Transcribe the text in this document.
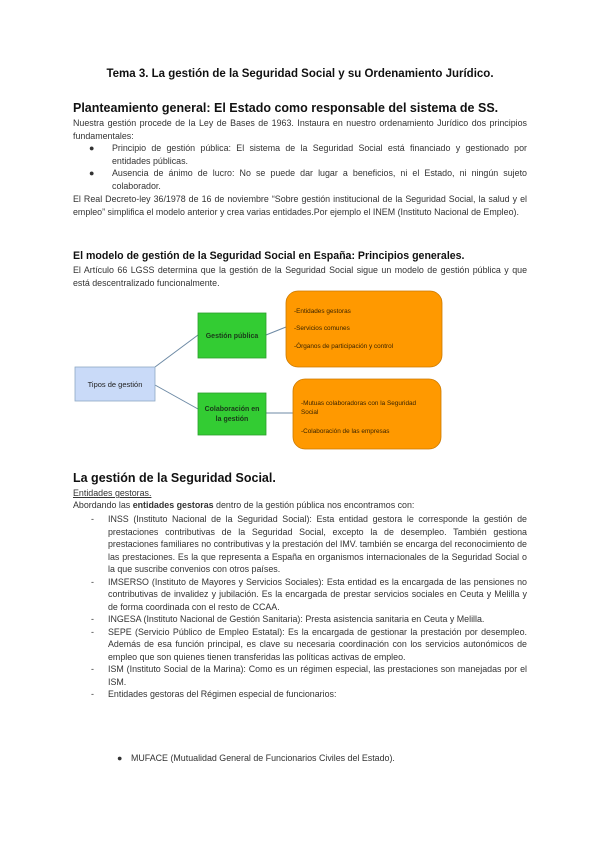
Tema 3. La gestión de la Seguridad Social y su Ordenamiento Jurídico.
Planteamiento general: El Estado como responsable del sistema de SS.
Nuestra gestión procede de la Ley de Bases de 1963. Instaura en nuestro ordenamiento Jurídico dos principios fundamentales:
● Principio de gestión pública: El sistema de la Seguridad Social está financiado y gestionado por entidades públicas.
● Ausencia de ánimo de lucro: No se puede dar lugar a beneficios, ni el Estado, ni ningún sujeto colaborador.
El Real Decreto-ley 36/1978 de 16 de noviembre “Sobre gestión institucional de la Seguridad Social, la salud y el empleo” simplifica el modelo anterior y crea varias entidades.Por ejemplo el INEM (Instituto Nacional de Empleo).
El modelo de gestión de la Seguridad Social en España: Principios generales.
El Artículo 66 LGSS determina que la gestión de la Seguridad Social sigue un modelo de gestión pública y que está descentralizado funcionalmente.
Tipos de gestión
Gestión pública
Colaboración en
la gestión
-Entidades gestoras
-Servicios comunes
-Órganos de participación y control
-Mutuas colaboradoras con la Seguridad
Social
-Colaboración de las empresas
La gestión de la Seguridad Social.
Entidades gestoras.
Abordando las entidades gestoras dentro de la gestión pública nos encontramos con:
- INSS (Instituto Nacional de la Seguridad Social): Esta entidad gestora le corresponde la gestión de prestaciones contributivas de la Seguridad Social, excepto la de desempleo. También gestiona prestaciones familiares no contributivas y la prestación del IMV. también se encarga del reconocimiento de las prestaciones. Es la que representa a España en organismos internacionales de la Seguridad Social o la que suscribe convenios con otros países.
- IMSERSO (Instituto de Mayores y Servicios Sociales): Esta entidad es la encargada de las pensiones no contributivas de invalidez y jubilación. Es la encargada de prestar servicios sociales en Ceuta y Melilla y de forma coordinada con el resto de CCAA.
- INGESA (Instituto Nacional de Gestión Sanitaria): Presta asistencia sanitaria en Ceuta y Melilla.
- SEPE (Servicio Público de Empleo Estatal): Es la encargada de gestionar la prestación por desempleo. Además de esa función principal, es clave su necesaria coordinación con los servicios autonómicos de empleo que son quienes tienen transferidas las políticas activas de empleo.
- ISM (Instituto Social de la Marina): Como es un régimen especial, las prestaciones son manejadas por el ISM.
- Entidades gestoras del Régimen especial de funcionarios:
● MUFACE (Mutualidad General de Funcionarios Civiles del Estado).
